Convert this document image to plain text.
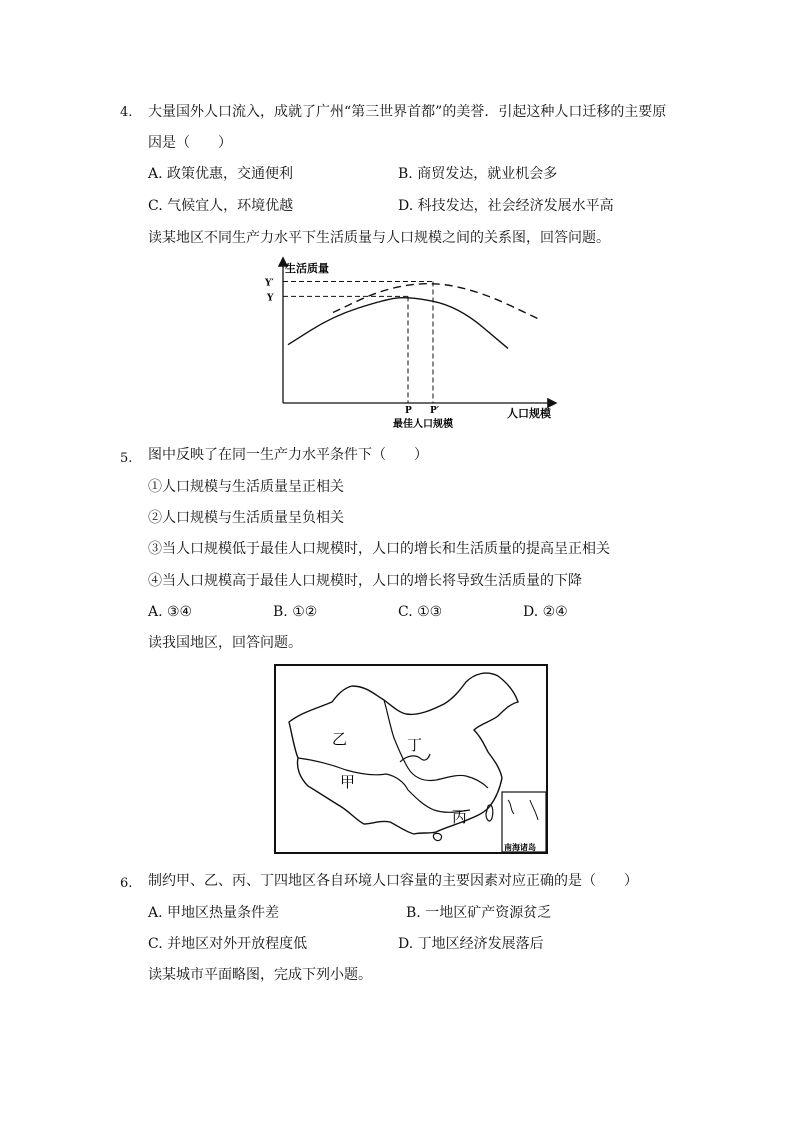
4. 大量国外人口流入，成就了广州“第三世界首都”的美誉．引起这种人口迁移的主要原
因是（　　）
A. 政策优惠，交通便利	B. 商贸发达，就业机会多
C. 气候宜人，环境优越	D. 科技发达，社会经济发展水平高
读某地区不同生产力水平下生活质量与人口规模之间的关系图，回答问题。
生活质量
人口规模
P P′
Y′
Y
最佳人口规模
5. 图中反映了在同一生产力水平条件下（　　）
①人口规模与生活质量呈正相关
②人口规模与生活质量呈负相关
③当人口规模低于最佳人口规模时，人口的增长和生活质量的提高呈正相关
④当人口规模高于最佳人口规模时，人口的增长将导致生活质量的下降
A. ③④	B. ①②	C. ①③	D. ②④
读我国地区，回答问题。
南海诸岛
乙	丁
甲
丙
6. 制约甲、乙、丙、丁四地区各自环境人口容量的主要因素对应正确的是（　　）
A. 甲地区热量条件差	B. 一地区矿产资源贫乏
C. 并地区对外开放程度低	D. 丁地区经济发展落后
读某城市平面略图，完成下列小题。
